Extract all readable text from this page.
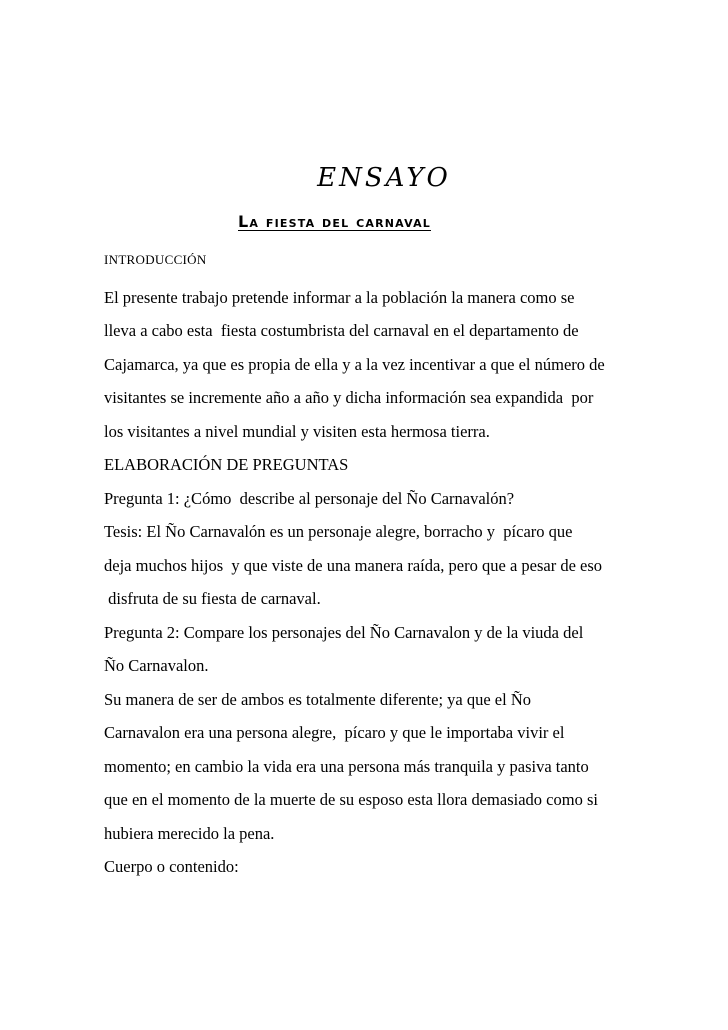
ENSAYO
La fiesta del carnaval
INTRODUCCIÓN
El presente trabajo pretende informar a la población la manera como se
lleva a cabo esta  fiesta costumbrista del carnaval en el departamento de
Cajamarca, ya que es propia de ella y a la vez incentivar a que el número de
visitantes se incremente año a año y dicha información sea expandida  por
los visitantes a nivel mundial y visiten esta hermosa tierra.
ELABORACIÓN DE PREGUNTAS
Pregunta 1: ¿Cómo  describe al personaje del Ño Carnavalón?
Tesis: El Ño Carnavalón es un personaje alegre, borracho y  pícaro que
deja muchos hijos  y que viste de una manera raída, pero que a pesar de eso
disfruta de su fiesta de carnaval.
Pregunta 2: Compare los personajes del Ño Carnavalon y de la viuda del
Ño Carnavalon.
Su manera de ser de ambos es totalmente diferente; ya que el Ño
Carnavalon era una persona alegre,  pícaro y que le importaba vivir el
momento; en cambio la vida era una persona más tranquila y pasiva tanto
que en el momento de la muerte de su esposo esta llora demasiado como si
hubiera merecido la pena.
Cuerpo o contenido:
